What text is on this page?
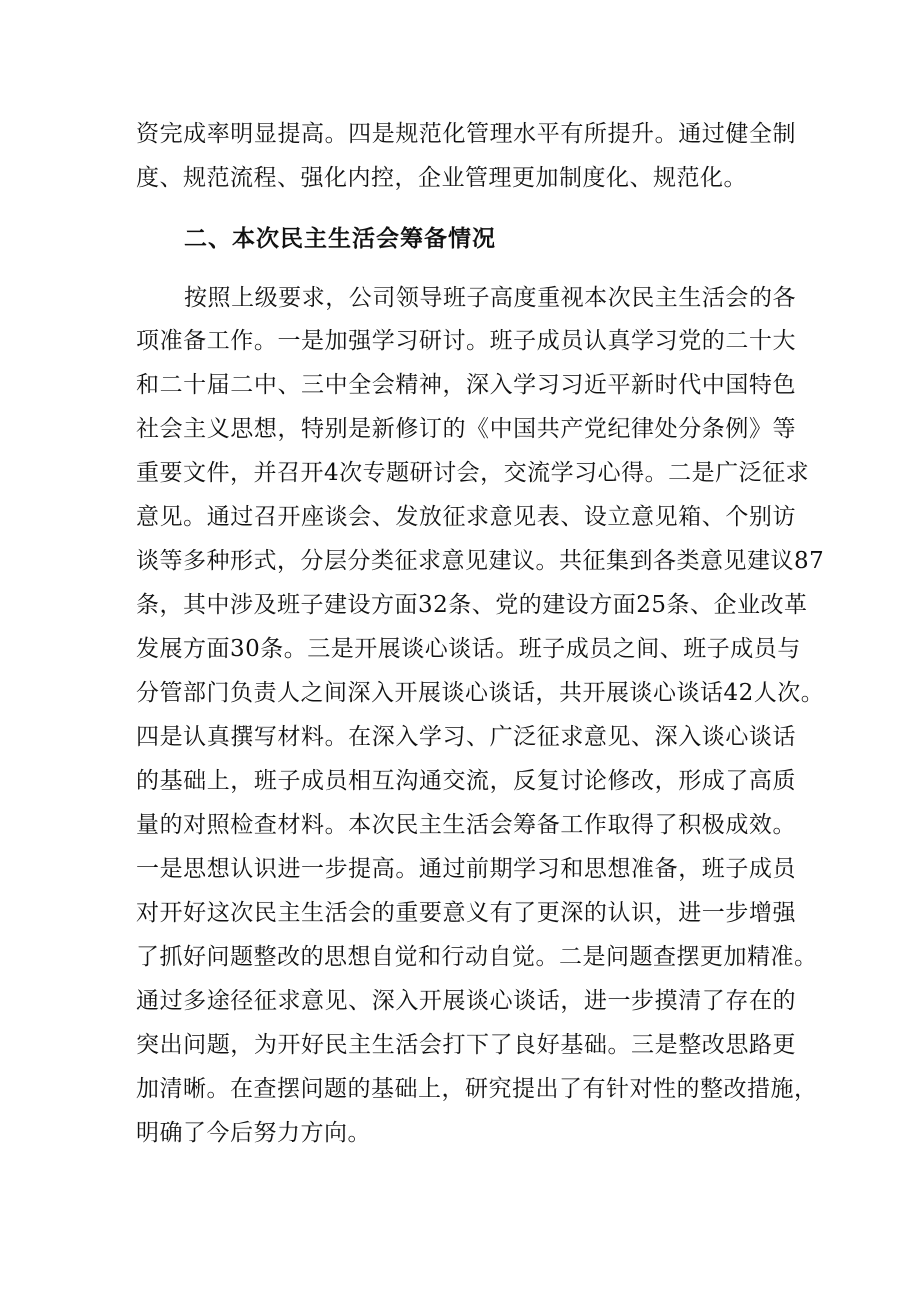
资完成率明显提高。四是规范化管理水平有所提升。通过健全制
度、规范流程、强化内控，企业管理更加制度化、规范化。
二、本次民主生活会筹备情况
按照上级要求，公司领导班子高度重视本次民主生活会的各
项准备工作。一是加强学习研讨。班子成员认真学习党的二十大
和二十届二中、三中全会精神，深入学习习近平新时代中国特色
社会主义思想，特别是新修订的《中国共产党纪律处分条例》等
重要文件，并召开4次专题研讨会，交流学习心得。二是广泛征求
意见。通过召开座谈会、发放征求意见表、设立意见箱、个别访
谈等多种形式，分层分类征求意见建议。共征集到各类意见建议87
条，其中涉及班子建设方面32条、党的建设方面25条、企业改革
发展方面30条。三是开展谈心谈话。班子成员之间、班子成员与
分管部门负责人之间深入开展谈心谈话，共开展谈心谈话42人次。
四是认真撰写材料。在深入学习、广泛征求意见、深入谈心谈话
的基础上，班子成员相互沟通交流，反复讨论修改，形成了高质
量的对照检查材料。本次民主生活会筹备工作取得了积极成效。
一是思想认识进一步提高。通过前期学习和思想准备，班子成员
对开好这次民主生活会的重要意义有了更深的认识，进一步增强
了抓好问题整改的思想自觉和行动自觉。二是问题查摆更加精准。
通过多途径征求意见、深入开展谈心谈话，进一步摸清了存在的
突出问题，为开好民主生活会打下了良好基础。三是整改思路更
加清晰。在查摆问题的基础上，研究提出了有针对性的整改措施，
明确了今后努力方向。
